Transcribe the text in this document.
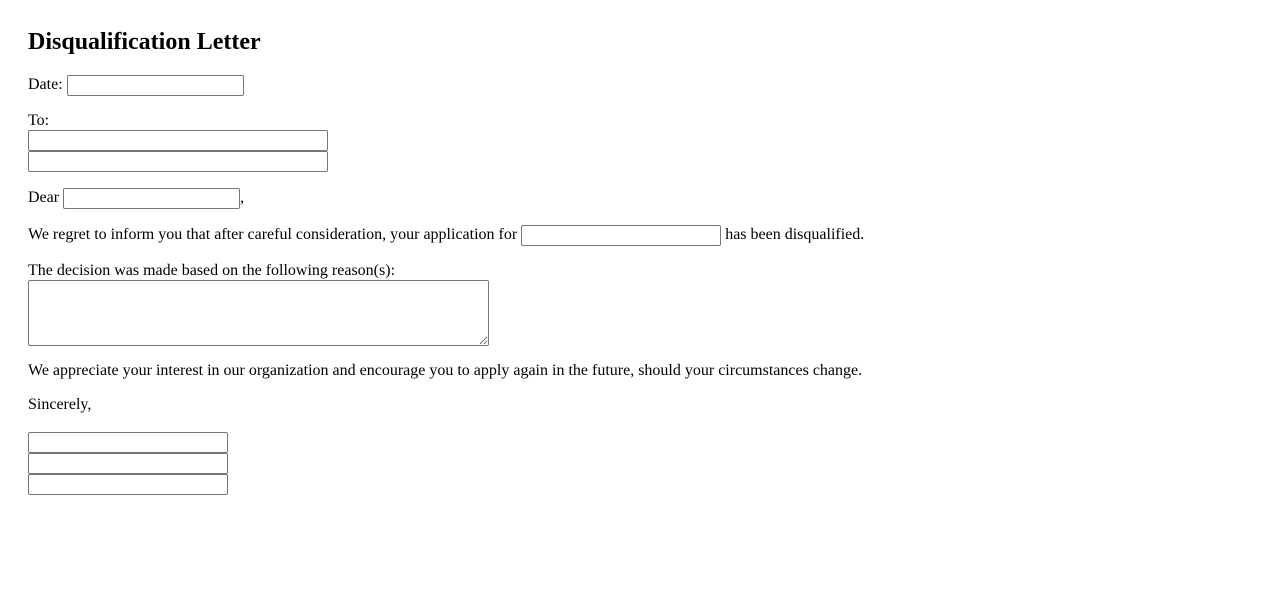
Disqualification Letter
Date:
To:
Dear	,
We regret to inform you that after careful consideration, your application for	has been disqualified.
The decision was made based on the following reason(s):
We appreciate your interest in our organization and encourage you to apply again in the future, should your circumstances change.
Sincerely,
